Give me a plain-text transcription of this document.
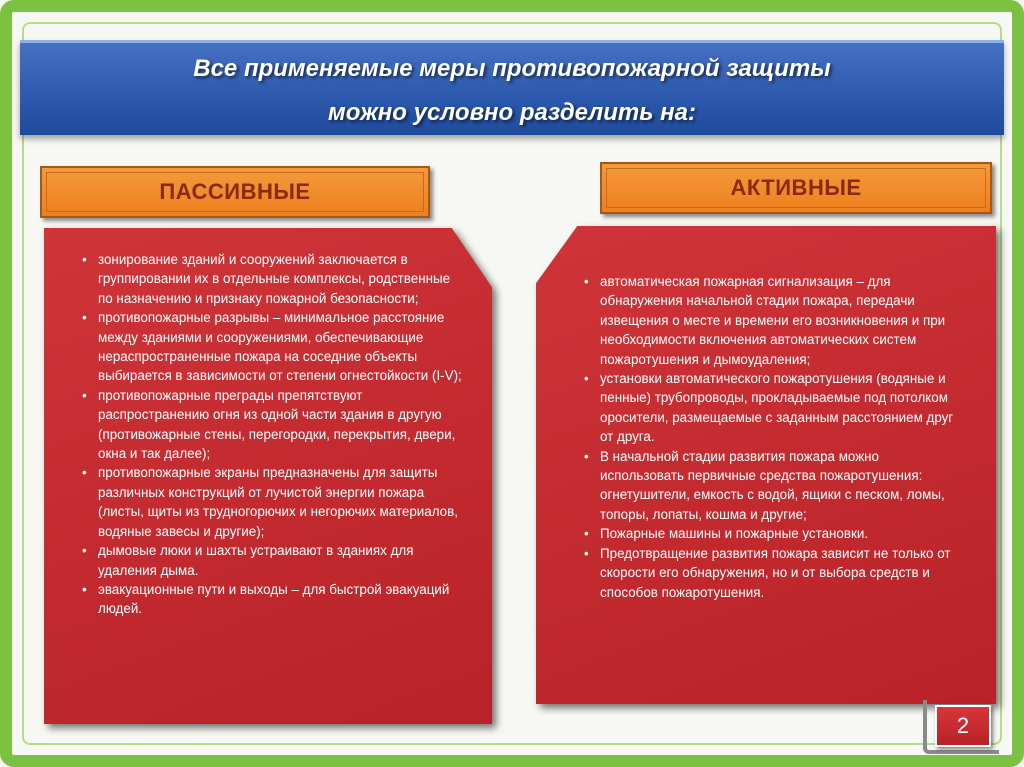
Все применяемые меры противопожарной защиты
можно условно разделить на:
ПАССИВНЫЕ
• зонирование зданий и сооружений заключается в группировании их в отдельные комплексы, родственные по назначению и признаку пожарной безопасности;
• противопожарные разрывы – минимальное расстояние между зданиями и сооружениями, обеспечивающие нераспространенные пожара на соседние объекты выбирается в зависимости от степени огнестойкости (I-V);
• противопожарные преграды препятствуют распространению огня из одной части здания в другую (противожарные стены, перегородки, перекрытия, двери, окна и так далее);
• противопожарные экраны предназначены для защиты различных конструкций от лучистой энергии пожара (листы, щиты из трудногорючих и негорючих материалов, водяные завесы и другие);
• дымовые люки и шахты устраивают в зданиях для удаления дыма.
• эвакуационные пути и выходы – для быстрой эвакуаций людей.
АКТИВНЫЕ
• автоматическая пожарная сигнализация – для обнаружения начальной стадии пожара, передачи извещения о месте и времени его возникновения и при необходимости включения автоматических систем пожаротушения и дымоудаления;
• установки автоматического пожаротушения (водяные и пенные) трубопроводы, прокладываемые под потолком оросители, размещаемые с заданным расстоянием друг от друга.
• В начальной стадии развития пожара можно использовать первичные средства пожаротушения: огнетушители, емкость с водой, ящики с песком, ломы, топоры, лопаты, кошма и другие;
• Пожарные машины и пожарные установки.
• Предотвращение развития пожара зависит не только от скорости его обнаружения, но и от выбора средств и способов пожаротушения.
2
